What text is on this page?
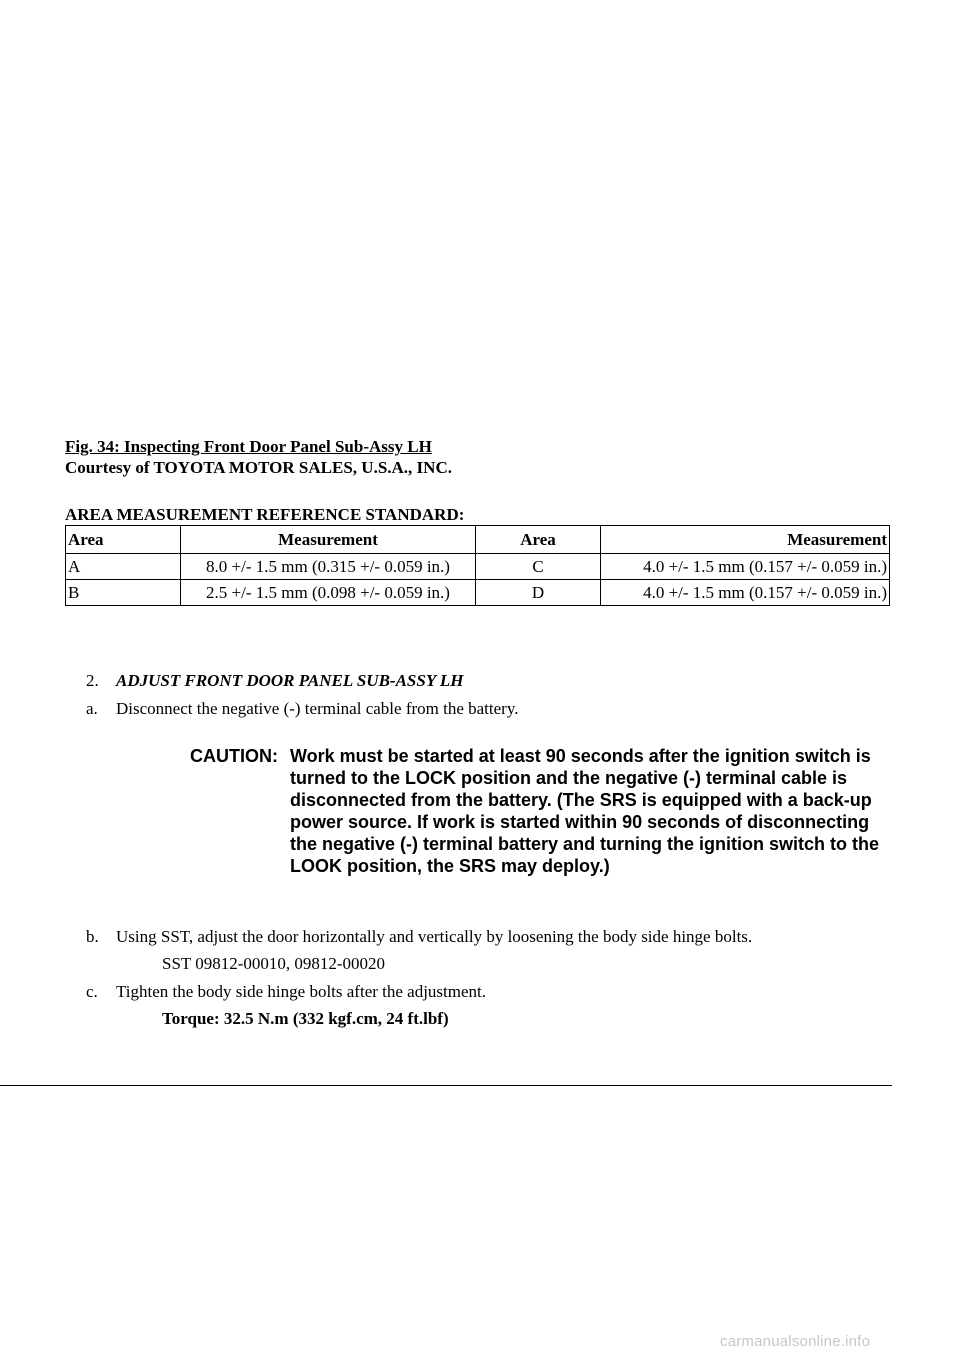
Fig. 34: Inspecting Front Door Panel Sub-Assy LH
Courtesy of TOYOTA MOTOR SALES, U.S.A., INC.
AREA MEASUREMENT REFERENCE STANDARD:
Area	Measurement	Area	Measurement
A	8.0 +/- 1.5 mm (0.315 +/- 0.059 in.)	C	4.0 +/- 1.5 mm (0.157 +/- 0.059 in.)
B	2.5 +/- 1.5 mm (0.098 +/- 0.059 in.)	D	4.0 +/- 1.5 mm (0.157 +/- 0.059 in.)
2. ADJUST FRONT DOOR PANEL SUB-ASSY LH
a. Disconnect the negative (-) terminal cable from the battery.
CAUTION: Work must be started at least 90 seconds after the ignition switch is turned to the LOCK position and the negative (-) terminal cable is disconnected from the battery. (The SRS is equipped with a back-up power source. If work is started within 90 seconds of disconnecting the negative (-) terminal battery and turning the ignition switch to the LOOK position, the SRS may deploy.)
b. Using SST, adjust the door horizontally and vertically by loosening the body side hinge bolts.
SST 09812-00010, 09812-00020
c. Tighten the body side hinge bolts after the adjustment.
Torque: 32.5 N.m (332 kgf.cm, 24 ft.lbf)
carmanualsonline.info
